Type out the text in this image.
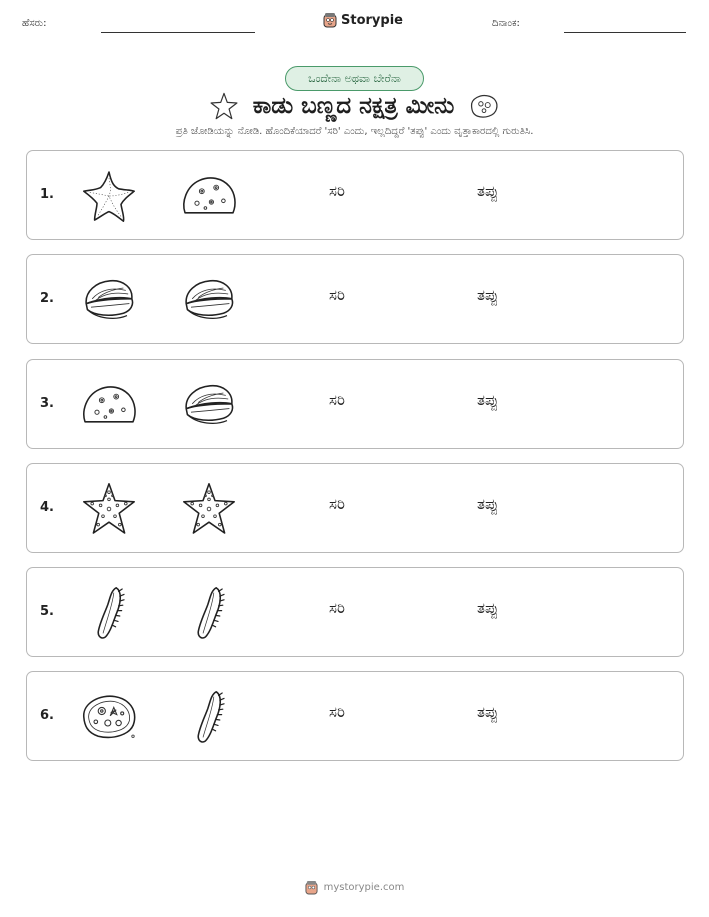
ಹೆಸರು:	Storypie	ದಿನಾಂಕ:
ಒಂದೇನಾ ಅಥವಾ ಬೇರೆನಾ
ಕಾಡು ಬಣ್ಣದ ನಕ್ಷತ್ರ ಮೀನು
ಪ್ರತಿ ಜೋಡಿಯನ್ನು ನೋಡಿ. ಹೊಂದಿಕೆಯಾದರೆ 'ಸರಿ' ಎಂದು, ಇಲ್ಲದಿದ್ದರೆ 'ತಪ್ಪು' ಎಂದು ವೃತ್ತಾಕಾರದಲ್ಲಿ ಗುರುತಿಸಿ.
1.	ಸರಿ	ತಪ್ಪು
2.	ಸರಿ	ತಪ್ಪು
3.	ಸರಿ	ತಪ್ಪು
4.	ಸರಿ	ತಪ್ಪು
5.	ಸರಿ	ತಪ್ಪು
6.	ಸರಿ	ತಪ್ಪು
mystorypie.com
